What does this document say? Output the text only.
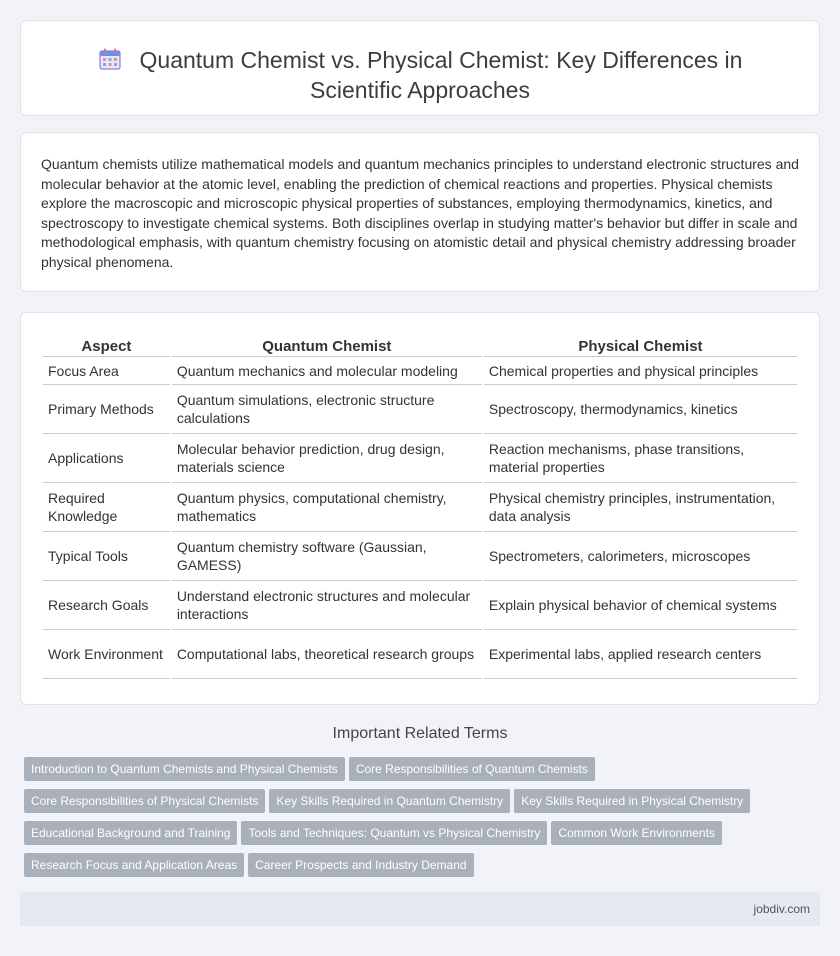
Quantum Chemist vs. Physical Chemist: Key Differences in
Scientific Approaches

Quantum chemists utilize mathematical models and quantum mechanics principles to understand electronic structures and molecular behavior at the atomic level, enabling the prediction of chemical reactions and properties. Physical chemists explore the macroscopic and microscopic physical properties of substances, employing thermodynamics, kinetics, and spectroscopy to investigate chemical systems. Both disciplines overlap in studying matter's behavior but differ in scale and methodological emphasis, with quantum chemistry focusing on atomistic detail and physical chemistry addressing broader physical phenomena.

Aspect	Quantum Chemist	Physical Chemist
Focus Area	Quantum mechanics and molecular modeling	Chemical properties and physical principles
Primary Methods	Quantum simulations, electronic structure calculations	Spectroscopy, thermodynamics, kinetics
Applications	Molecular behavior prediction, drug design, materials science	Reaction mechanisms, phase transitions, material properties
Required Knowledge	Quantum physics, computational chemistry, mathematics	Physical chemistry principles, instrumentation, data analysis
Typical Tools	Quantum chemistry software (Gaussian, GAMESS)	Spectrometers, calorimeters, microscopes
Research Goals	Understand electronic structures and molecular interactions	Explain physical behavior of chemical systems
Work Environment	Computational labs, theoretical research groups	Experimental labs, applied research centers
Important Related Terms
Introduction to Quantum Chemists and Physical Chemists Core Responsibilities of Quantum Chemists
Core Responsibilities of Physical Chemists Key Skills Required in Quantum Chemistry Key Skills Required in Physical Chemistry
Educational Background and Training Tools and Techniques: Quantum vs Physical Chemistry Common Work Environments
Research Focus and Application Areas Career Prospects and Industry Demand
jobdiv.com
